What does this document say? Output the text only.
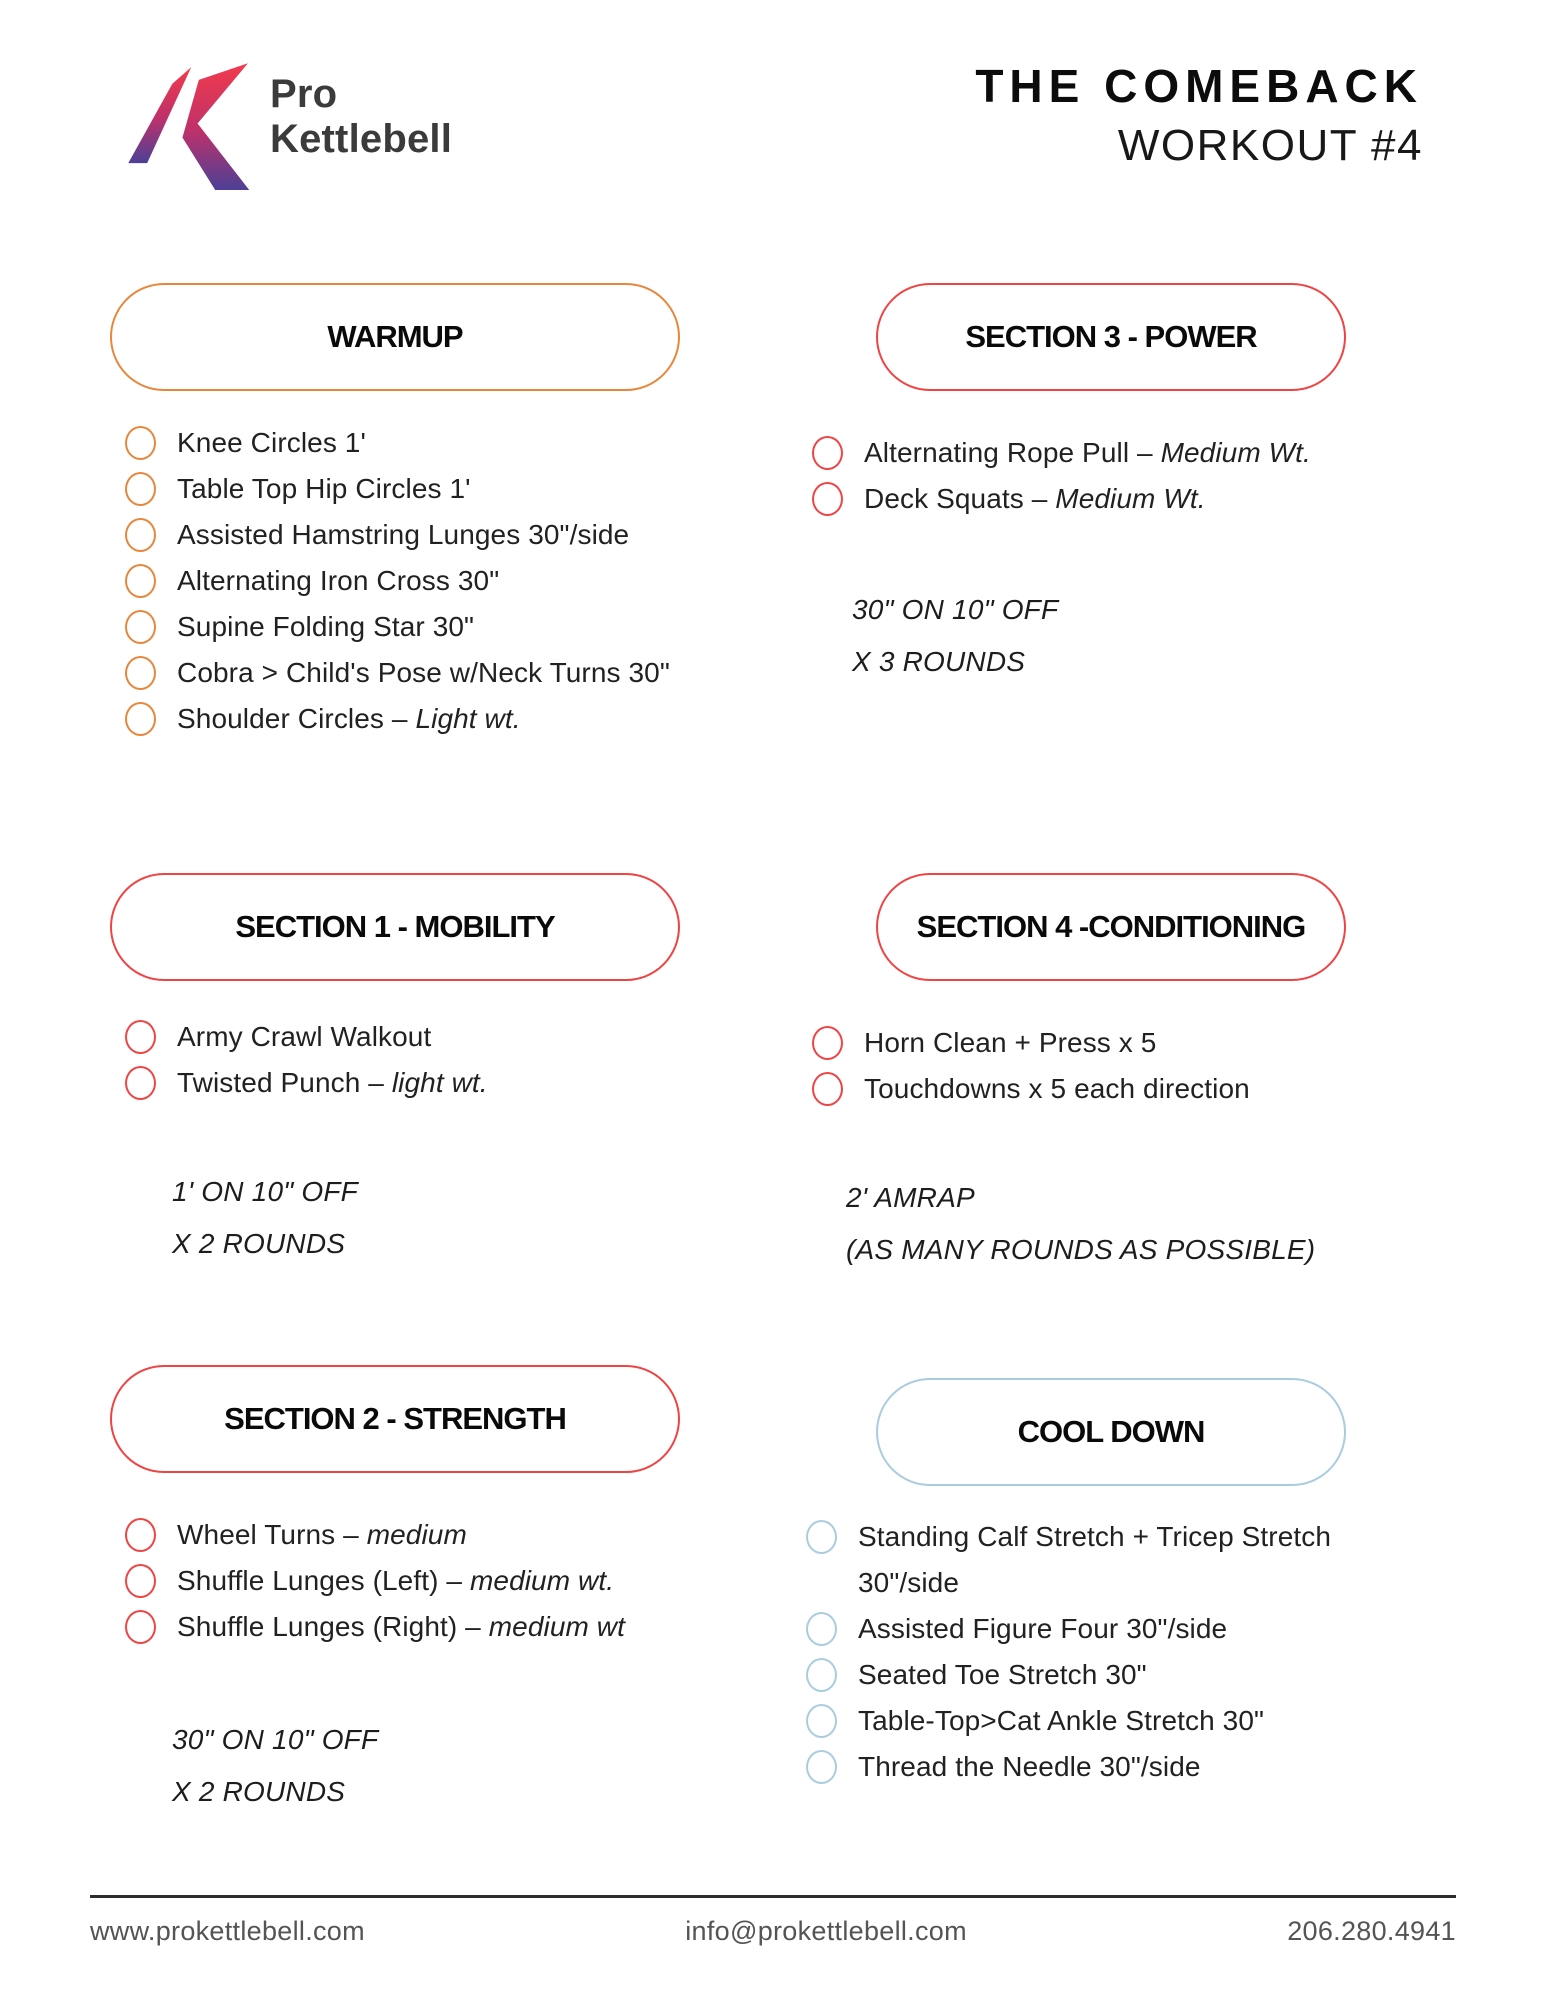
Pro
Kettlebell
THE COMEBACK
WORKOUT #4
WARMUP
Knee Circles 1'
Table Top Hip Circles 1'
Assisted Hamstring Lunges 30"/side
Alternating Iron Cross 30"
Supine Folding Star 30"
Cobra > Child's Pose w/Neck Turns 30"
Shoulder Circles – Light wt.
SECTION 1 - MOBILITY
Army Crawl Walkout
Twisted Punch – light wt.
1' ON 10" OFF
X 2 ROUNDS
SECTION 2 - STRENGTH
Wheel Turns – medium
Shuffle Lunges (Left) – medium wt.
Shuffle Lunges (Right) – medium wt
30" ON 10" OFF
X 2 ROUNDS
SECTION 3 - POWER
Alternating Rope Pull – Medium Wt.
Deck Squats – Medium Wt.
30" ON 10" OFF
X 3 ROUNDS
SECTION 4 -CONDITIONING
Horn Clean + Press x 5
Touchdowns x 5 each direction
2' AMRAP
(AS MANY ROUNDS AS POSSIBLE)
COOL DOWN
Standing Calf Stretch + Tricep Stretch 30"/side
Assisted Figure Four 30"/side
Seated Toe Stretch 30"
Table-Top>Cat Ankle Stretch 30"
Thread the Needle 30"/side
www.prokettlebell.com	info@prokettlebell.com	206.280.4941
